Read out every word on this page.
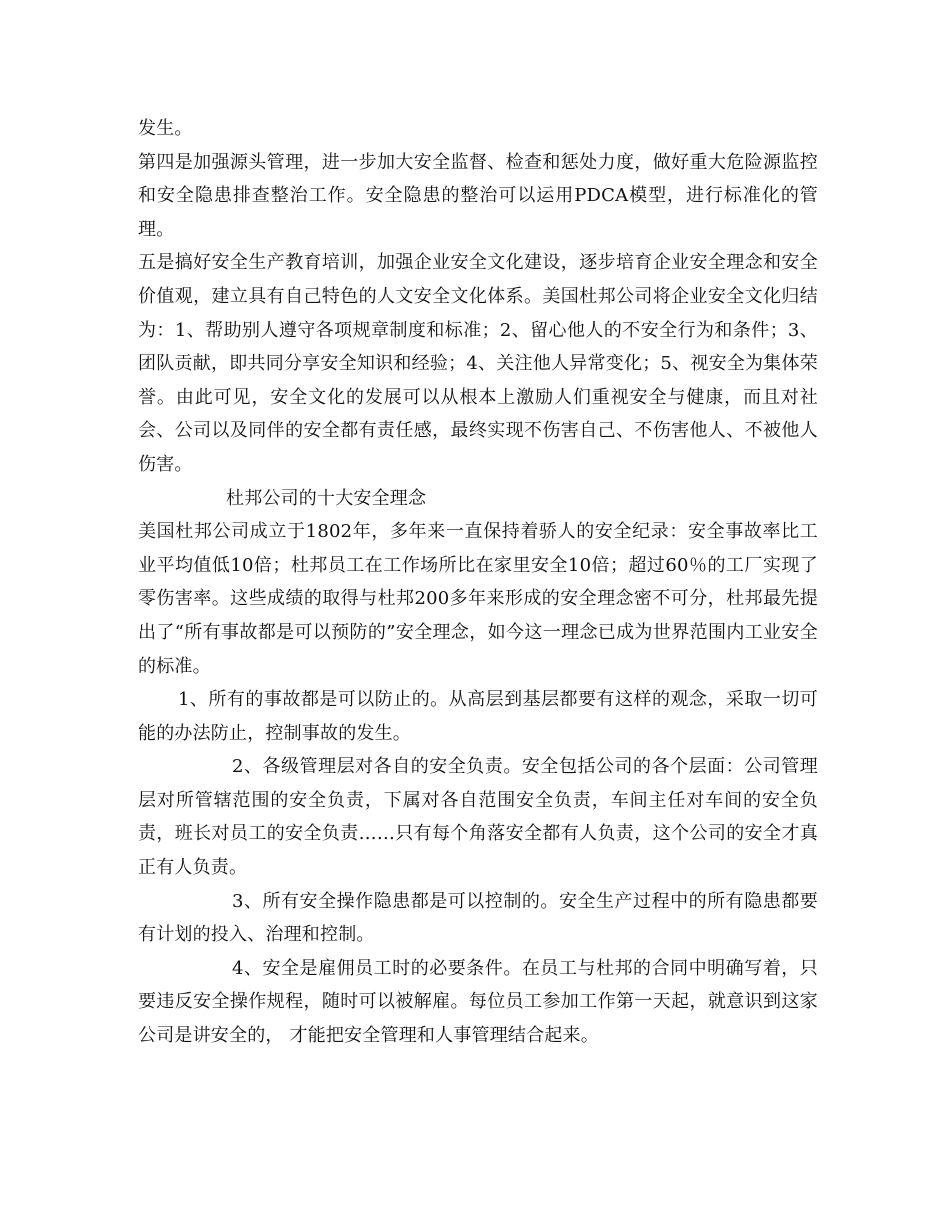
发生。

第四是加强源头管理，进一步加大安全监督、检查和惩处力度，做好重大危险源监控和安全隐患排查整治工作。安全隐患的整治可以运用PDCA模型，进行标准化的管理。

五是搞好安全生产教育培训，加强企业安全文化建设，逐步培育企业安全理念和安全价值观，建立具有自己特色的人文安全文化体系。美国杜邦公司将企业安全文化归结为：1、帮助别人遵守各项规章制度和标准；2、留心他人的不安全行为和条件；3、团队贡献，即共同分享安全知识和经验；4、关注他人异常变化；5、视安全为集体荣誉。由此可见，安全文化的发展可以从根本上激励人们重视安全与健康，而且对社会、公司以及同伴的安全都有责任感，最终实现不伤害自己、不伤害他人、不被他人伤害。

杜邦公司的十大安全理念

美国杜邦公司成立于1802年，多年来一直保持着骄人的安全纪录：安全事故率比工业平均值低10倍；杜邦员工在工作场所比在家里安全10倍；超过60％的工厂实现了零伤害率。这些成绩的取得与杜邦200多年来形成的安全理念密不可分，杜邦最先提出了“所有事故都是可以预防的”安全理念，如今这一理念已成为世界范围内工业安全的标准。

1、所有的事故都是可以防止的。从高层到基层都要有这样的观念，采取一切可能的办法防止，控制事故的发生。

2、各级管理层对各自的安全负责。安全包括公司的各个层面：公司管理层对所管辖范围的安全负责，下属对各自范围安全负责，车间主任对车间的安全负责，班长对员工的安全负责……只有每个角落安全都有人负责，这个公司的安全才真正有人负责。

3、所有安全操作隐患都是可以控制的。安全生产过程中的所有隐患都要有计划的投入、治理和控制。

4、安全是雇佣员工时的必要条件。在员工与杜邦的合同中明确写着，只要违反安全操作规程，随时可以被解雇。每位员工参加工作第一天起，就意识到这家公司是讲安全的， 才能把安全管理和人事管理结合起来。
